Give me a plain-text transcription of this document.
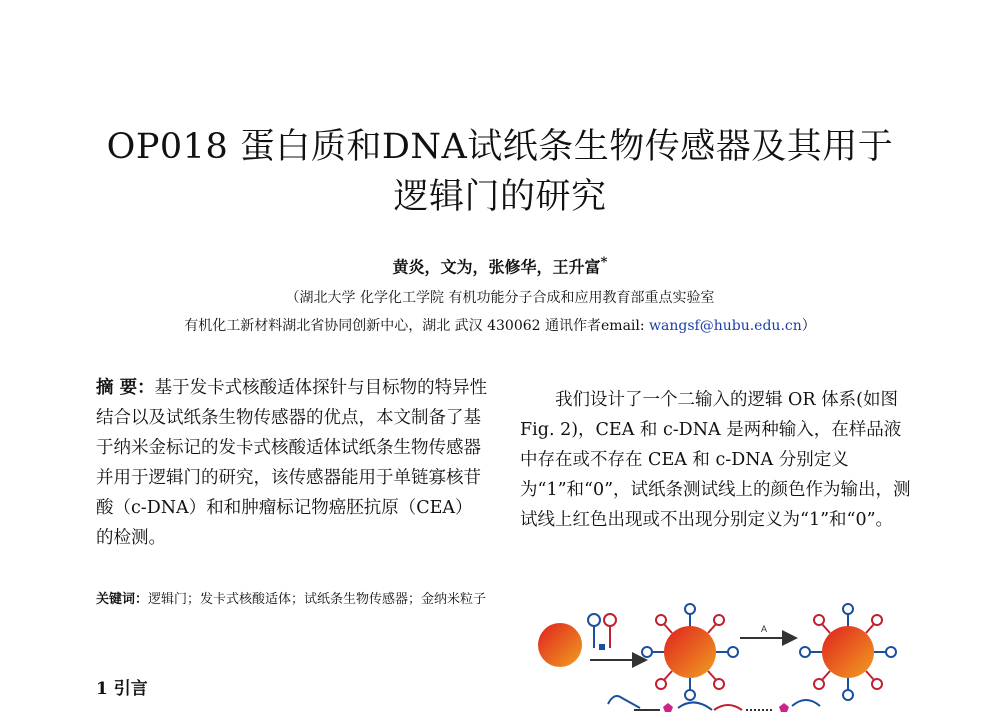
OP018 蛋白质和DNA试纸条生物传感器及其用于
逻辑门的研究
黄炎，文为，张修华，王升富*
（湖北大学 化学化工学院 有机功能分子合成和应用教育部重点实验室
有机化工新材料湖北省协同创新中心，湖北 武汉 430062 通讯作者email: wangsf@hubu.edu.cn）
摘 要：基于发卡式核酸适体探针与目标物的特异性结合以及试纸条生物传感器的优点，本文制备了基于纳米金标记的发卡式核酸适体试纸条生物传感器并用于逻辑门的研究，该传感器能用于单链寡核苷酸（c-DNA）和和肿瘤标记物癌胚抗原（CEA）的检测。
关键词：逻辑门；发卡式核酸适体；试纸条生物传感器；金纳米粒子
1 引言
我们设计了一个二输入的逻辑 OR 体系(如图 Fig. 2)，CEA 和 c-DNA 是两种输入，在样品液中存在或不存在 CEA 和 c-DNA 分别定义为“1”和“0”，试纸条测试线上的颜色作为输出，测试线上红色出现或不出现分别定义为“1”和“0”。
A
